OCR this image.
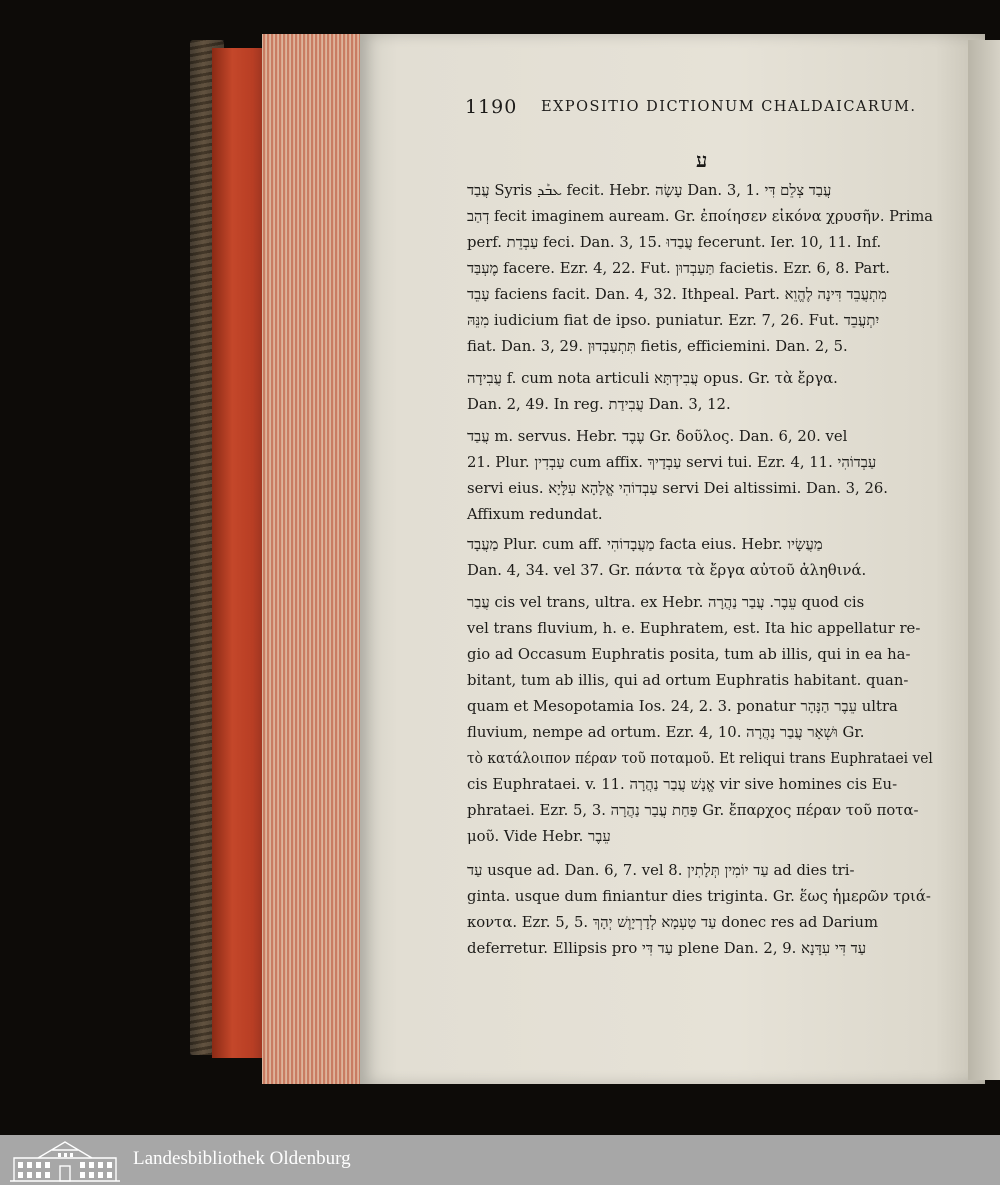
1190 EXPOSITIO DICTIONUM CHALDAICARUM.
ע
עֲבַד Syris ܥܒܰܕ fecit. Hebr. עָשָׂה Dan. 3, 1. עֲבַד צְלֵם דִּי
דְהַב fecit imaginem auream. Gr. ἐποίησεν εἰκόνα χρυσῆν. Prima
perf. עַבְדֵת feci. Dan. 3, 15. עֲבַדוּ fecerunt. Ier. 10, 11. Inf.
מֶעְבַּד facere. Ezr. 4, 22. Fut. תַּעַבְדוּן facietis. Ezr. 6, 8. Part.
עָבֵד faciens facit. Dan. 4, 32. Ithpeal. Part. מִתְעֲבֵד דִּינָה לֶהֱוֵא
מִנֵּהּ iudicium fiat de ipso. puniatur. Ezr. 7, 26. Fut. יִתְעֲבֵד
fiat. Dan. 3, 29. תִּתְעַבְדוּן fietis, efficiemini. Dan. 2, 5.
עֲבִידָה f. cum nota articuli עֲבִידְתָּא opus. Gr. τὰ ἔργα.
Dan. 2, 49. In reg. עֲבִידַת Dan. 3, 12.
עֲבַד m. servus. Hebr. עֶבֶד Gr. δοῦλος. Dan. 6, 20. vel
21. Plur. עַבְדִין cum affix. עַבְדָיךְ servi tui. Ezr. 4, 11. עַבְדוֹהִי
servi eius. עַבְדוֹהִי אֱלָהָא עִלָּיָא servi Dei altissimi. Dan. 3, 26.
Affixum redundat.
מַעֲבָד Plur. cum aff. מַעֲבָדוֹהִי facta eius. Hebr. מַעֲשָׂיו
Dan. 4, 34. vel 37. Gr. πάντα τὰ ἔργα αὐτοῦ ἀληθινά.
עֲבַר cis vel trans, ultra. ex Hebr. עֵבֶר. עֲבַר נַהֲרָה quod cis
vel trans fluvium, h. e. Euphratem, est. Ita hic appellatur re-
gio ad Occasum Euphratis posita, tum ab illis, qui in ea ha-
bitant, tum ab illis, qui ad ortum Euphratis habitant. quan-
quam et Mesopotamia Ios. 24, 2. 3. ponatur עֵבֶר הַנָּהָר ultra
fluvium, nempe ad ortum. Ezr. 4, 10. וּשְׁאָר עֲבַר נַהֲרָה Gr.
τὸ κατάλοιπον πέραν τοῦ ποταμοῦ. Et reliqui trans Euphrataei vel
cis Euphrataei. v. 11. אֱנָשׁ עֲבַר נַהֲרָה vir sive homines cis Eu-
phrataei. Ezr. 5, 3. פַּחַת עֲבַר נַהֲרָה Gr. ἔπαρχος πέραν τοῦ ποτα-
μοῦ. Vide Hebr. עֵבֶר
עַד usque ad. Dan. 6, 7. vel 8. עַד יוֹמִין תְּלָתִין ad dies tri-
ginta. usque dum finiantur dies triginta. Gr. ἕως ἡμερῶν τριά-
κοντα. Ezr. 5, 5. עַד טַעְמָא לְדָרְיָוֶשׁ יְהָךְ donec res ad Darium
deferretur. Ellipsis pro עַד דִּי plene Dan. 2, 9. עַד דִּי עִדָּנָא
Landesbibliothek Oldenburg
